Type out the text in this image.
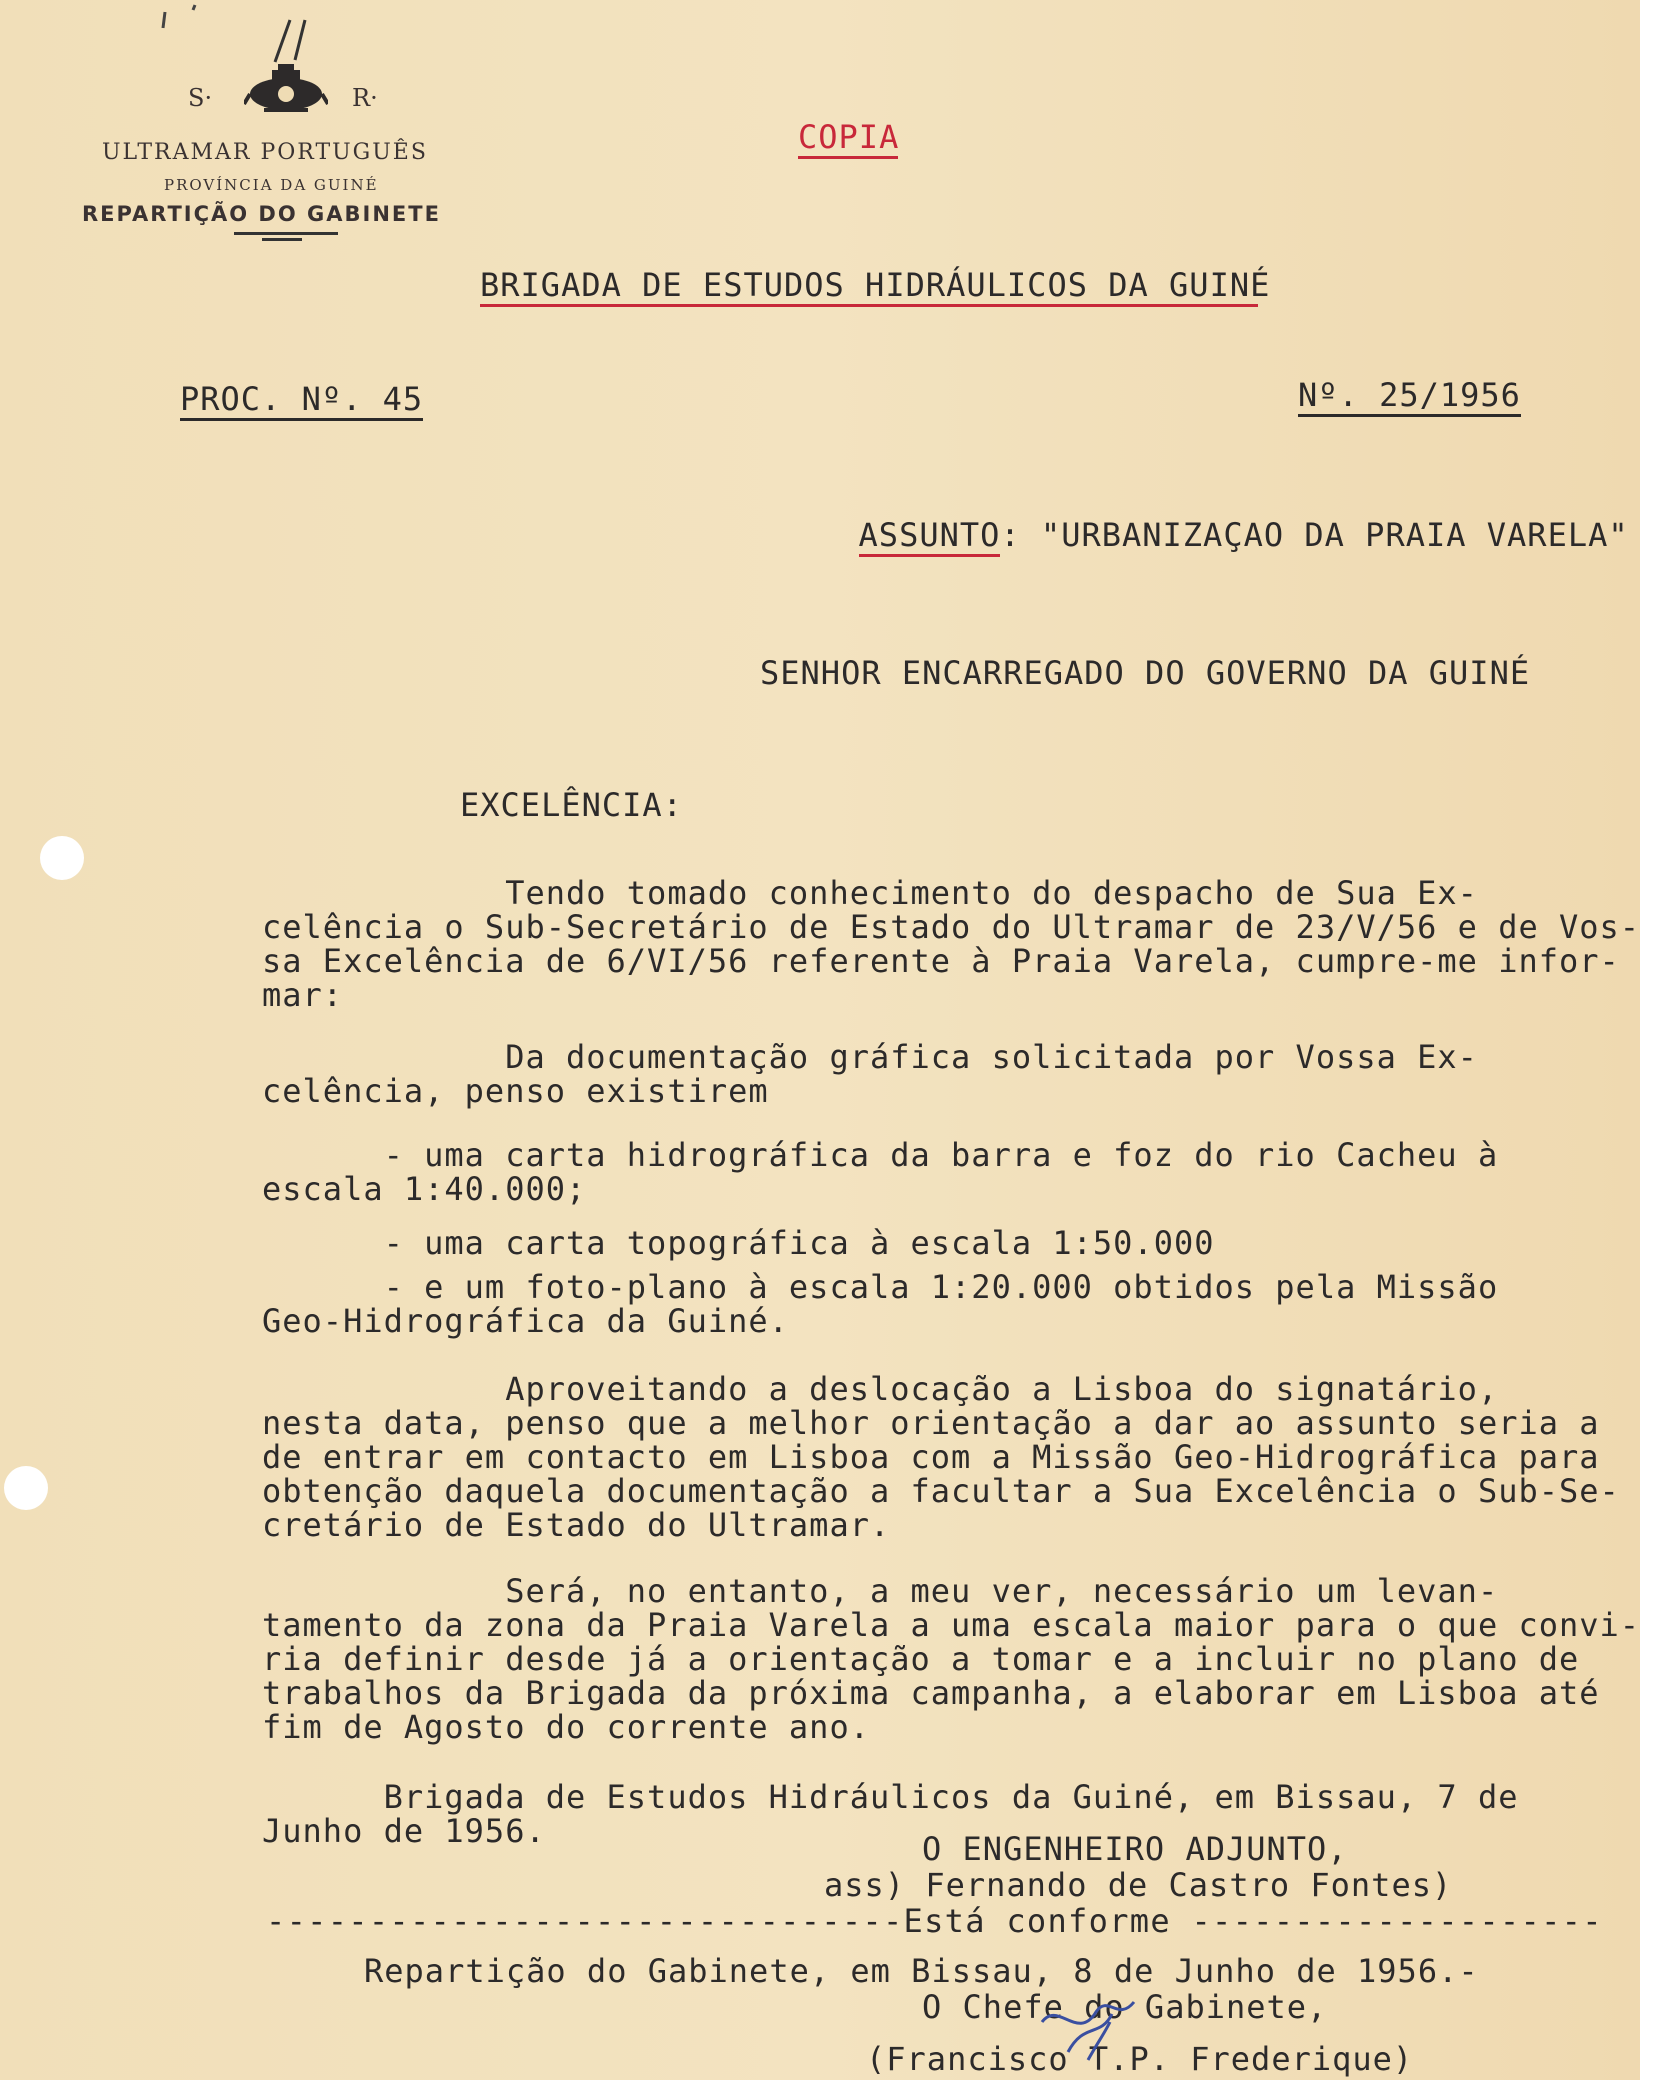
S·	R·
ULTRAMAR PORTUGUÊS
PROVÍNCIA DA GUINÉ
REPARTIÇÃO DO GABINETE
COPIA
BRIGADA DE ESTUDOS HIDRÁULICOS DA GUINÉ
PROC. Nº. 45	Nº. 25/1956

ASSUNTO: "URBANIZAÇAO DA PRAIA VARELA"

SENHOR ENCARREGADO DO GOVERNO DA GUINÉ
EXCELÊNCIA:
Tendo tomado conhecimento do despacho de Sua Ex-
celência o Sub-Secretário de Estado do Ultramar de 23/V/56 e de Vos-
sa Excelência de 6/VI/56 referente à Praia Varela, cumpre-me infor-
mar:
Da documentação gráfica solicitada por Vossa Ex-
celência, penso existirem
- uma carta hidrográfica da barra e foz do rio Cacheu à
escala 1:40.000;
- uma carta topográfica à escala 1:50.000
- e um foto-plano à escala 1:20.000 obtidos pela Missão
Geo-Hidrográfica da Guiné.
Aproveitando a deslocação a Lisboa do signatário,
nesta data, penso que a melhor orientação a dar ao assunto seria a
de entrar em contacto em Lisboa com a Missão Geo-Hidrográfica para
obtenção daquela documentação a facultar a Sua Excelência o Sub-Se-
cretário de Estado do Ultramar.
Será, no entanto, a meu ver, necessário um levan-
tamento da zona da Praia Varela a uma escala maior para o que convi-
ria definir desde já a orientação a tomar e a incluir no plano de
trabalhos da Brigada da próxima campanha, a elaborar em Lisboa até
fim de Agosto do corrente ano.
Brigada de Estudos Hidráulicos da Guiné, em Bissau, 7 de
Junho de 1956.	O ENGENHEIRO ADJUNTO,
ass) Fernando de Castro Fontes)
-------------------------------Está conforme --------------------
Repartição do Gabinete, em Bissau, 8 de Junho de 1956.-
O Chefe do Gabinete,
(Francisco T.P. Frederique)
